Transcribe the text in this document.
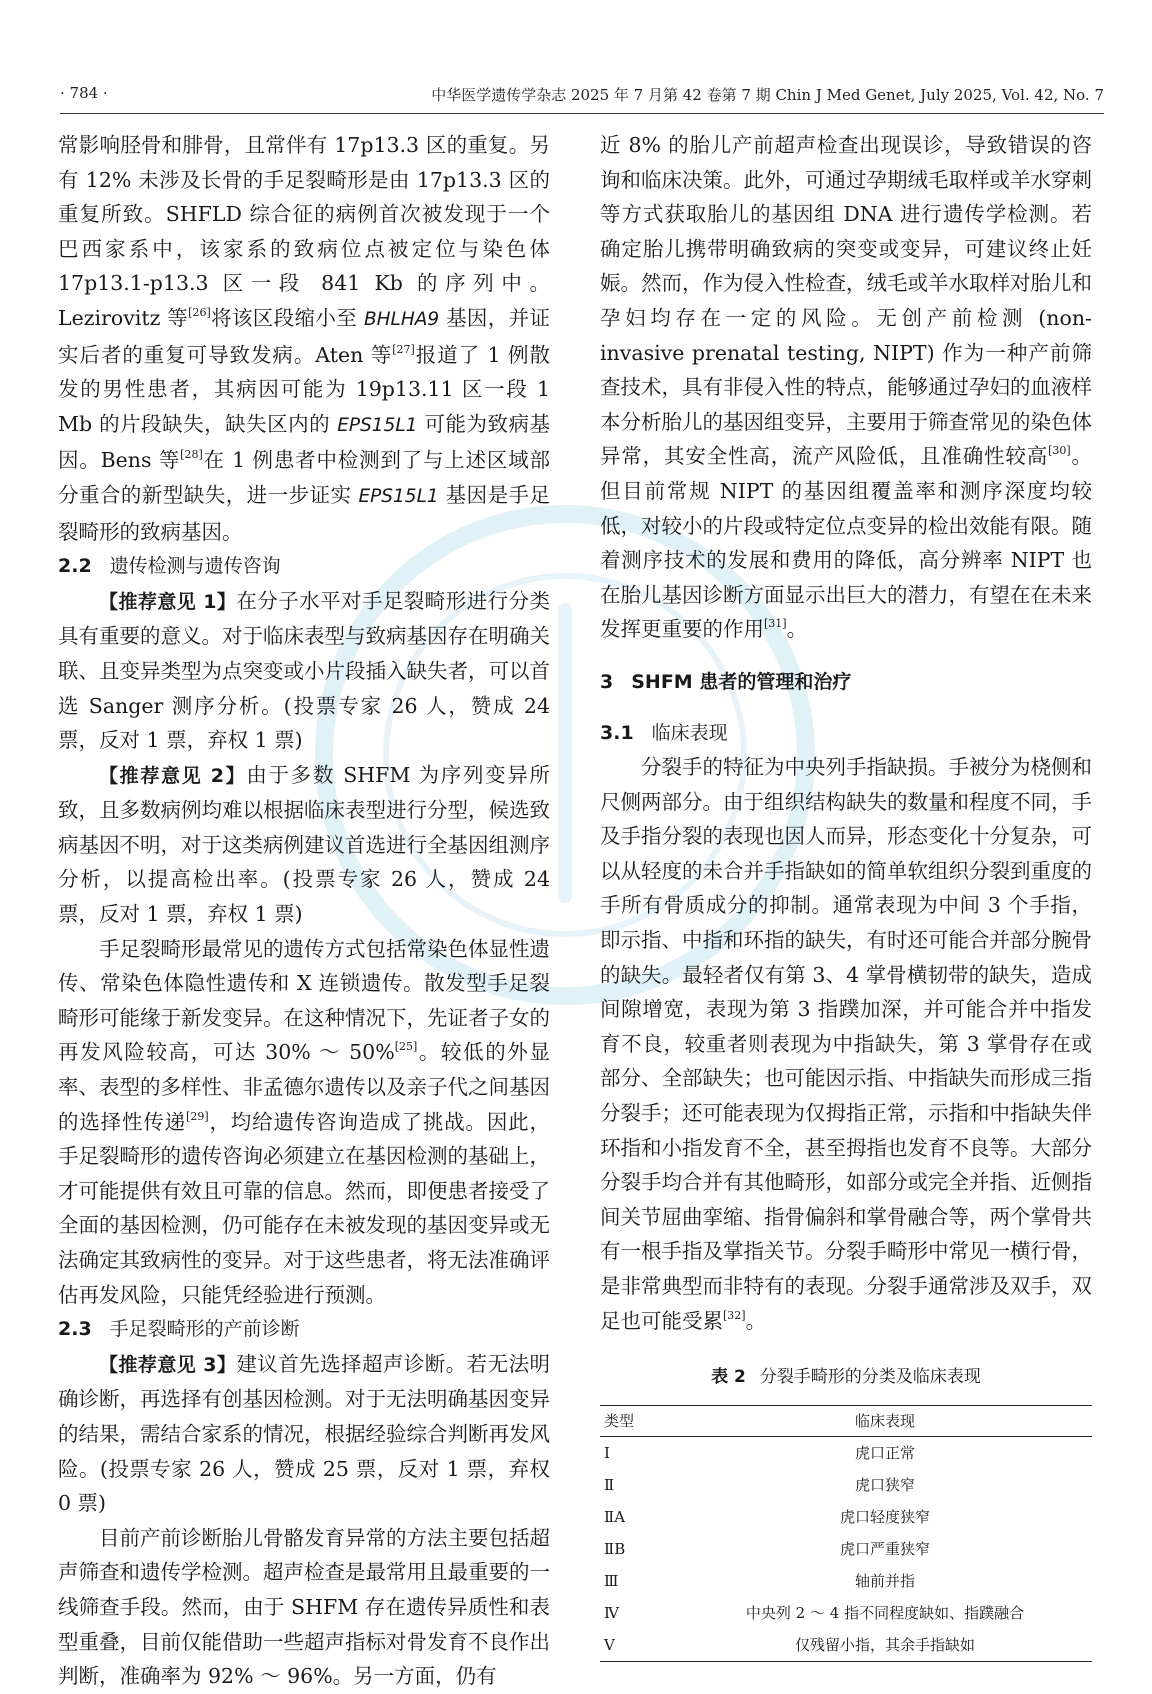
· 784 ·	中华医学遗传学杂志 2025 年 7 月第 42 卷第 7 期 Chin J Med Genet, July 2025, Vol. 42, No. 7

常影响胫骨和腓骨，且常伴有 17p13.3 区的重复。另有 12% 未涉及长骨的手足裂畸形是由 17p13.3 区的重复所致。SHFLD 综合征的病例首次被发现于一个巴西家系中，该家系的致病位点被定位与染色体 17p13.1-p13.3 区一段 841 Kb 的序列中。Lezirovitz 等[26]将该区段缩小至 BHLHA9 基因，并证实后者的重复可导致发病。Aten 等[27]报道了 1 例散发的男性患者，其病因可能为 19p13.11 区一段 1 Mb 的片段缺失，缺失区内的 EPS15L1 可能为致病基因。Bens 等[28]在 1 例患者中检测到了与上述区域部分重合的新型缺失，进一步证实 EPS15L1 基因是手足裂畸形的致病基因。

2.2 遗传检测与遗传咨询

【推荐意见 1】在分子水平对手足裂畸形进行分类具有重要的意义。对于临床表型与致病基因存在明确关联、且变异类型为点突变或小片段插入缺失者，可以首选 Sanger 测序分析。(投票专家 26 人，赞成 24 票，反对 1 票，弃权 1 票)

【推荐意见 2】由于多数 SHFM 为序列变异所致，且多数病例均难以根据临床表型进行分型，候选致病基因不明，对于这类病例建议首选进行全基因组测序分析，以提高检出率。(投票专家 26 人，赞成 24 票，反对 1 票，弃权 1 票)

手足裂畸形最常见的遗传方式包括常染色体显性遗传、常染色体隐性遗传和 X 连锁遗传。散发型手足裂畸形可能缘于新发变异。在这种情况下，先证者子女的再发风险较高，可达 30% ～ 50%[25]。较低的外显率、表型的多样性、非孟德尔遗传以及亲子代之间基因的选择性传递[29]，均给遗传咨询造成了挑战。因此，手足裂畸形的遗传咨询必须建立在基因检测的基础上，才可能提供有效且可靠的信息。然而，即便患者接受了全面的基因检测，仍可能存在未被发现的基因变异或无法确定其致病性的变异。对于这些患者，将无法准确评估再发风险，只能凭经验进行预测。

2.3 手足裂畸形的产前诊断

【推荐意见 3】建议首先选择超声诊断。若无法明确诊断，再选择有创基因检测。对于无法明确基因变异的结果，需结合家系的情况，根据经验综合判断再发风险。(投票专家 26 人，赞成 25 票，反对 1 票，弃权 0 票)

目前产前诊断胎儿骨骼发育异常的方法主要包括超声筛查和遗传学检测。超声检查是最常用且最重要的一线筛查手段。然而，由于 SHFM 存在遗传异质性和表型重叠，目前仅能借助一些超声指标对骨发育不良作出判断，准确率为 92% ～ 96%。另一方面，仍有

近 8% 的胎儿产前超声检查出现误诊，导致错误的咨询和临床决策。此外，可通过孕期绒毛取样或羊水穿刺等方式获取胎儿的基因组 DNA 进行遗传学检测。若确定胎儿携带明确致病的突变或变异，可建议终止妊娠。然而，作为侵入性检查，绒毛或羊水取样对胎儿和孕妇均存在一定的风险。无创产前检测 (non-invasive prenatal testing, NIPT) 作为一种产前筛查技术，具有非侵入性的特点，能够通过孕妇的血液样本分析胎儿的基因组变异，主要用于筛查常见的染色体异常，其安全性高，流产风险低，且准确性较高[30]。但目前常规 NIPT 的基因组覆盖率和测序深度均较低，对较小的片段或特定位点变异的检出效能有限。随着测序技术的发展和费用的降低，高分辨率 NIPT 也在胎儿基因诊断方面显示出巨大的潜力，有望在在未来发挥更重要的作用[31]。

3 SHFM 患者的管理和治疗

3.1 临床表现

分裂手的特征为中央列手指缺损。手被分为桡侧和尺侧两部分。由于组织结构缺失的数量和程度不同，手及手指分裂的表现也因人而异，形态变化十分复杂，可以从轻度的未合并手指缺如的简单软组织分裂到重度的手所有骨质成分的抑制。通常表现为中间 3 个手指，即示指、中指和环指的缺失，有时还可能合并部分腕骨的缺失。最轻者仅有第 3、4 掌骨横韧带的缺失，造成间隙增宽，表现为第 3 指蹼加深，并可能合并中指发育不良，较重者则表现为中指缺失，第 3 掌骨存在或部分、全部缺失；也可能因示指、中指缺失而形成三指分裂手；还可能表现为仅拇指正常，示指和中指缺失伴环指和小指发育不全，甚至拇指也发育不良等。大部分分裂手均合并有其他畸形，如部分或完全并指、近侧指间关节屈曲挛缩、指骨偏斜和掌骨融合等，两个掌骨共有一根手指及掌指关节。分裂手畸形中常见一横行骨，是非常典型而非特有的表现。分裂手通常涉及双手，双足也可能受累[32]。

表 2 分裂手畸形的分类及临床表现
类型	临床表现
Ⅰ	虎口正常
Ⅱ	虎口狭窄
ⅡA	虎口轻度狭窄
ⅡB	虎口严重狭窄
Ⅲ	轴前并指
Ⅳ	中央列 2 ～ 4 指不同程度缺如、指蹼融合
Ⅴ	仅残留小指，其余手指缺如
